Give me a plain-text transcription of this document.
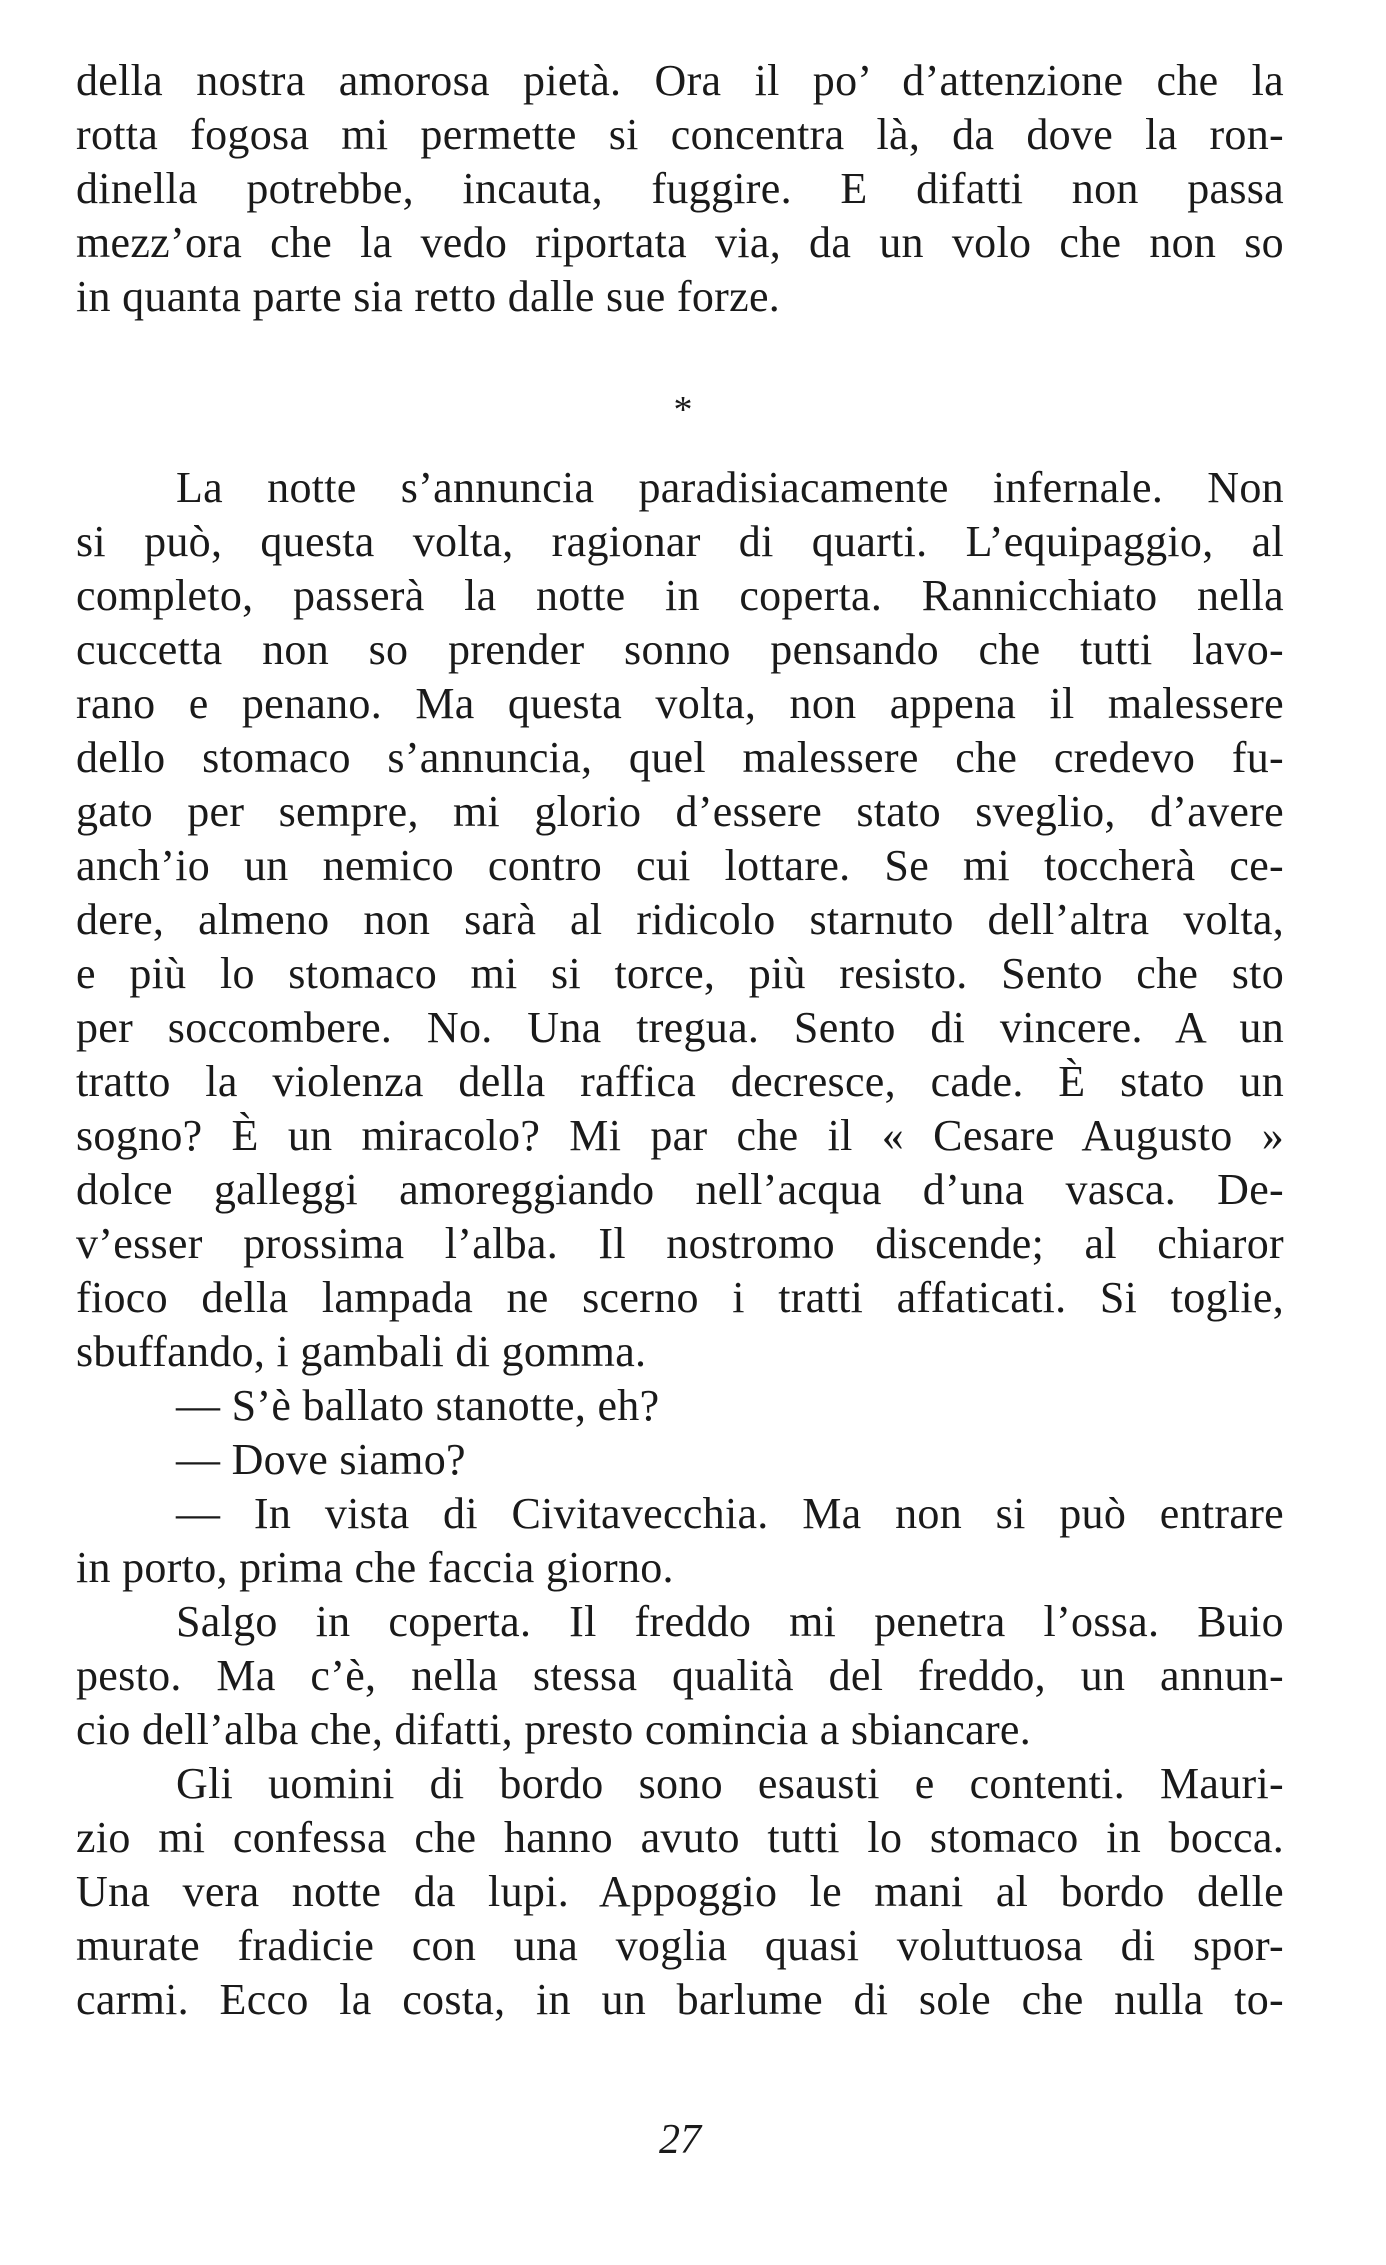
della nostra amorosa pietà. Ora il po’ d’attenzione che la
rotta fogosa mi permette si concentra là, da dove la ron-
dinella potrebbe, incauta, fuggire. E difatti non passa
mezz’ora che la vedo riportata via, da un volo che non so
in quanta parte sia retto dalle sue forze.
*
La notte s’annuncia paradisiacamente infernale. Non
si può, questa volta, ragionar di quarti. L’equipaggio, al
completo, passerà la notte in coperta. Rannicchiato nella
cuccetta non so prender sonno pensando che tutti lavo-
rano e penano. Ma questa volta, non appena il malessere
dello stomaco s’annuncia, quel malessere che credevo fu-
gato per sempre, mi glorio d’essere stato sveglio, d’avere
anch’io un nemico contro cui lottare. Se mi toccherà ce-
dere, almeno non sarà al ridicolo starnuto dell’altra volta,
e più lo stomaco mi si torce, più resisto. Sento che sto
per soccombere. No. Una tregua. Sento di vincere. A un
tratto la violenza della raffica decresce, cade. È stato un
sogno? È un miracolo? Mi par che il « Cesare Augusto »
dolce galleggi amoreggiando nell’acqua d’una vasca. De-
v’esser prossima l’alba. Il nostromo discende; al chiaror
fioco della lampada ne scerno i tratti affaticati. Si toglie,
sbuffando, i gambali di gomma.
— S’è ballato stanotte, eh?
— Dove siamo?
— In vista di Civitavecchia. Ma non si può entrare
in porto, prima che faccia giorno.
Salgo in coperta. Il freddo mi penetra l’ossa. Buio
pesto. Ma c’è, nella stessa qualità del freddo, un annun-
cio dell’alba che, difatti, presto comincia a sbiancare.
Gli uomini di bordo sono esausti e contenti. Mauri-
zio mi confessa che hanno avuto tutti lo stomaco in bocca.
Una vera notte da lupi. Appoggio le mani al bordo delle
murate fradicie con una voglia quasi voluttuosa di spor-
carmi. Ecco la costa, in un barlume di sole che nulla to-
27
